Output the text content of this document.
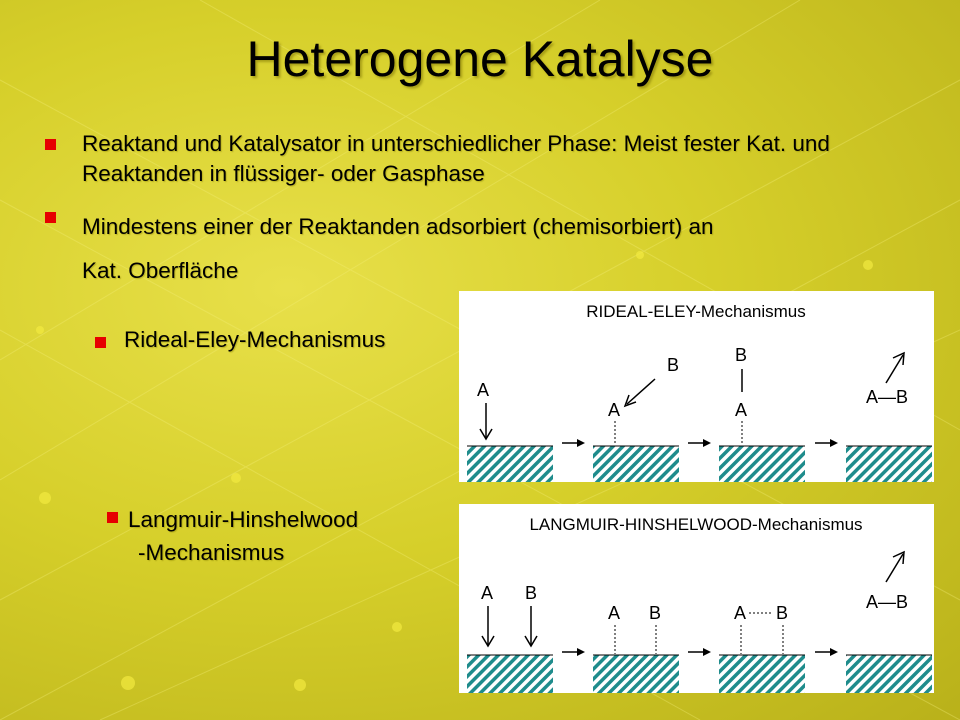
Heterogene Katalyse
Reaktand und Katalysator in unterschiedlicher Phase: Meist fester Kat. und Reaktanden in flüssiger- oder Gasphase
Mindestens einer der Reaktanden adsorbiert (chemisorbiert) an
Kat. Oberfläche
Rideal-Eley-Mechanismus
Langmuir-Hinshelwood
-Mechanismus
RIDEAL-ELEY-Mechanismus
A
B
A
B
A
A—B
LANGMUIR-HINSHELWOOD-Mechanismus
A B
A B	A B
A—B
